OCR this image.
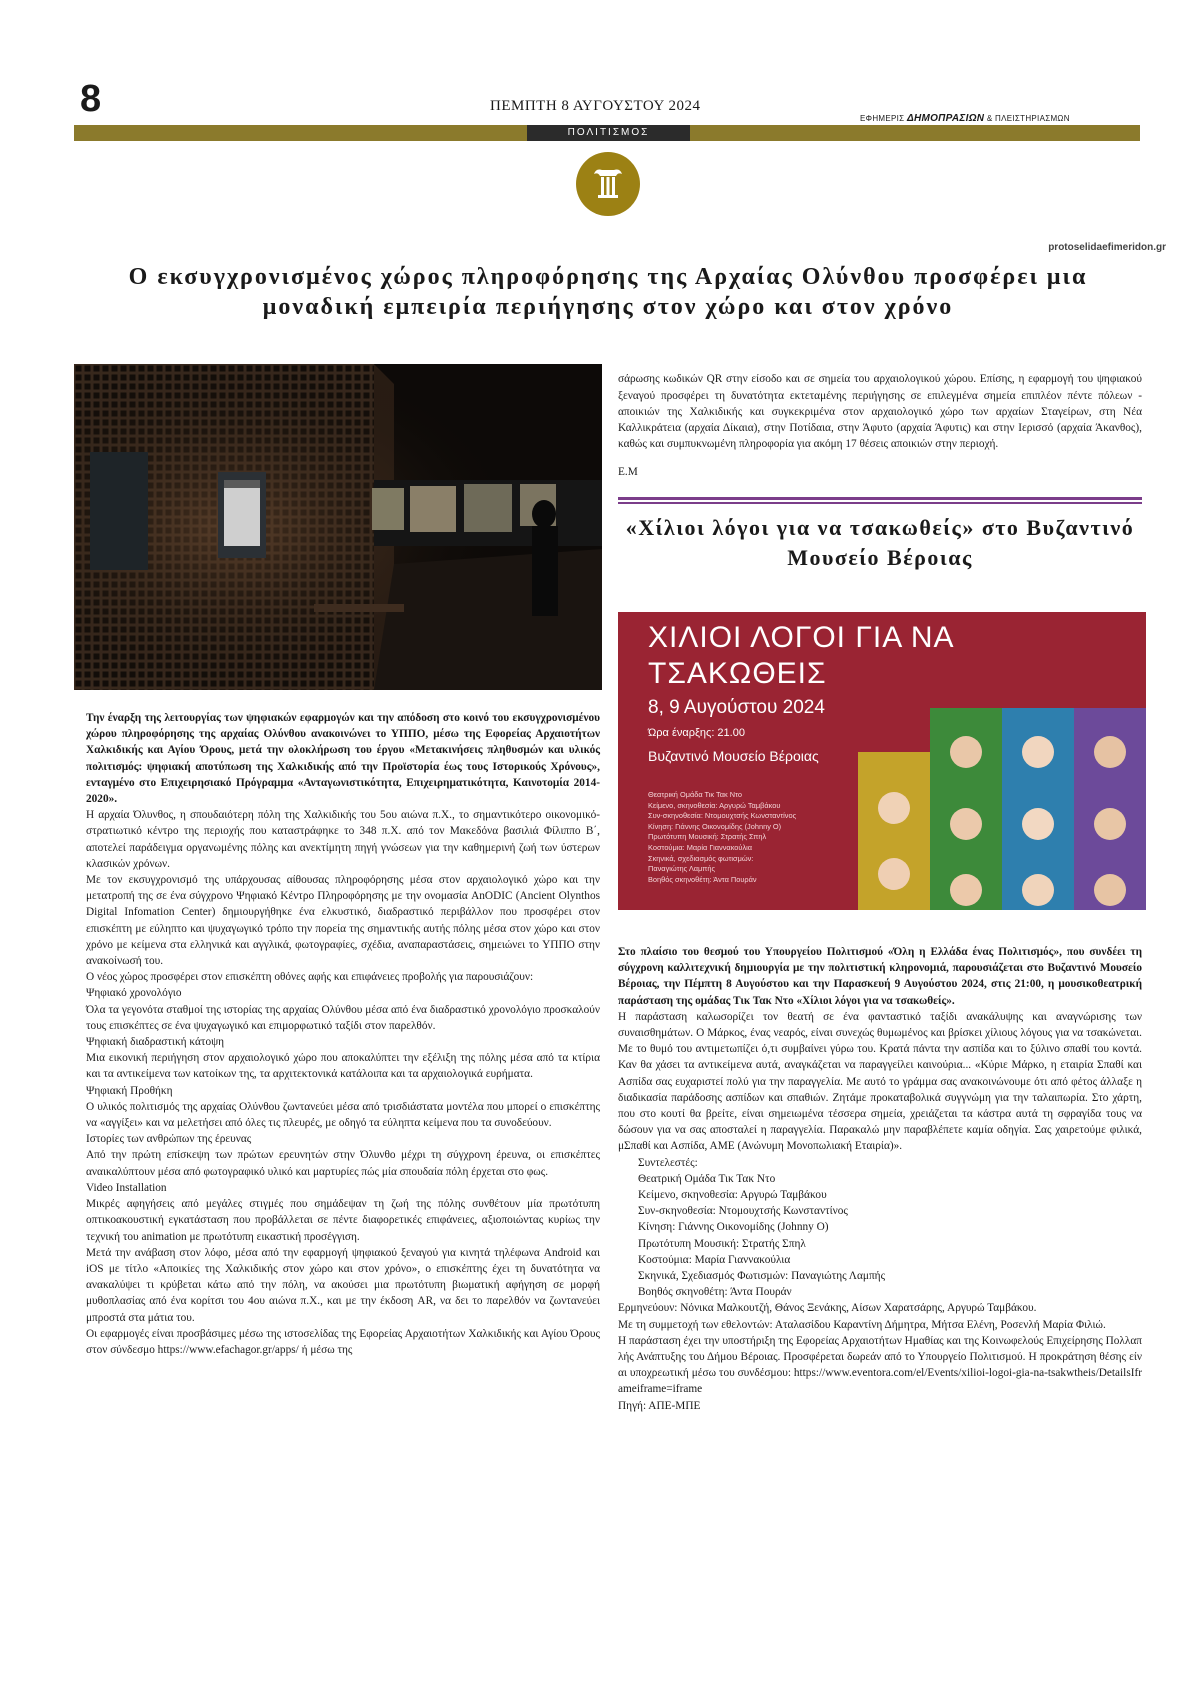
8	ΠΕΜΠΤΗ 8 ΑΥΓΟΥΣΤΟΥ 2024
ΕΦΗΜΕΡΙΣ ΔΗΜΟΠΡΑΣΙΩΝ & ΠΛΕΙΣΤΗΡΙΑΣΜΩΝ
ΠΟΛΙΤΙΣΜΟΣ
protoselidaefimeridon.gr
Ο εκσυγχρονισμένος χώρος πληροφόρησης της Αρχαίας Ολύνθου προσφέρει μια μοναδική εμπειρία περιήγησης στον χώρο και στον χρόνο

Την έναρξη της λειτουργίας των ψηφιακών εφαρμογών και την απόδοση στο κοινό του εκσυγχρονισμένου χώρου πληροφόρησης της αρχαίας Ολύνθου ανακοινώνει το ΥΠΠΟ, μέσω της Εφορείας Αρχαιοτήτων Χαλκιδικής και Αγίου Όρους, μετά την ολοκλήρωση του έργου «Μετακινήσεις πληθυσμών και υλικός πολιτισμός: ψηφιακή αποτύπωση της Χαλκιδικής από την Προϊστορία έως τους Ιστορικούς Χρόνους», ενταγμένο στο Επιχειρησιακό Πρόγραμμα «Ανταγωνιστικότητα, Επιχειρηματικότητα, Καινοτομία 2014-2020».

Η αρχαία Όλυνθος, η σπουδαιότερη πόλη της Χαλκιδικής του 5ου αιώνα π.Χ., το σημαντικότερο οικονομικό-στρατιωτικό κέντρο της περιοχής που καταστράφηκε το 348 π.Χ. από τον Μακεδόνα βασιλιά Φίλιππο Β΄, αποτελεί παράδειγμα οργανωμένης πόλης και ανεκτίμητη πηγή γνώσεων για την καθημερινή ζωή των ύστερων κλασικών χρόνων.

Με τον εκσυγχρονισμό της υπάρχουσας αίθουσας πληροφόρησης μέσα στον αρχαιολογικό χώρο και την μετατροπή της σε ένα σύγχρονο Ψηφιακό Κέντρο Πληροφόρησης με την ονομασία AnODIC (Ancient Olynthos Digital Infomation Center) δημιουργήθηκε ένα ελκυστικό, διαδραστικό περιβάλλον που προσφέρει στον επισκέπτη με εύληπτο και ψυχαγωγικό τρόπο την πορεία της σημαντικής αυτής πόλης μέσα στον χώρο και στον χρόνο με κείμενα στα ελληνικά και αγγλικά, φωτογραφίες, σχέδια, αναπαραστάσεις, σημειώνει το ΥΠΠΟ στην ανακοίνωσή του.

Ο νέος χώρος προσφέρει στον επισκέπτη οθόνες αφής και επιφάνειες προβολής για παρουσιάζουν:

Ψηφιακό χρονολόγιο

Όλα τα γεγονότα σταθμοί της ιστορίας της αρχαίας Ολύνθου μέσα από ένα διαδραστικό χρονολόγιο προσκαλούν τους επισκέπτες σε ένα ψυχαγωγικό και επιμορφωτικό ταξίδι στον παρελθόν.

Ψηφιακή διαδραστική κάτοψη

Μια εικονική περιήγηση στον αρχαιολογικό χώρο που αποκαλύπτει την εξέλιξη της πόλης μέσα από τα κτίρια και τα αντικείμενα των κατοίκων της, τα αρχιτεκτονικά κατάλοιπα και τα αρχαιολογικά ευρήματα.

Ψηφιακή Προθήκη

Ο υλικός πολιτισμός της αρχαίας Ολύνθου ζωντανεύει μέσα από τρισδιάστατα μοντέλα που μπορεί ο επισκέπτης να «αγγίξει» και να μελετήσει από όλες τις πλευρές, με οδηγό τα εύληπτα κείμενα που τα συνοδεύουν.

Ιστορίες των ανθρώπων της έρευνας

Από την πρώτη επίσκεψη των πρώτων ερευνητών στην Όλυνθο μέχρι τη σύγχρονη έρευνα, οι επισκέπτες αναικαλύπτουν μέσα από φωτογραφικό υλικό και μαρτυρίες πώς μία σπουδαία πόλη έρχεται στο φως.

Video Installation

Μικρές αφηγήσεις από μεγάλες στιγμές που σημάδεψαν τη ζωή της πόλης συνθέτουν μία πρωτότυπη οπτικοακουστική εγκατάσταση που προβάλλεται σε πέντε διαφορετικές επιφάνειες, αξιοποιώντας κυρίως την τεχνική του animation με πρωτότυπη εικαστική προσέγγιση.

Μετά την ανάβαση στον λόφο, μέσα από την εφαρμογή ψηφιακού ξεναγού για κινητά τηλέφωνα Android και iOS με τίτλο «Αποικίες της Χαλκιδικής στον χώρο και στον χρόνο», ο επισκέπτης έχει τη δυνατότητα να ανακαλύψει τι κρύβεται κάτω από την πόλη, να ακούσει μια πρωτότυπη βιωματική αφήγηση σε μορφή μυθοπλασίας από ένα κορίτσι του 4ου αιώνα π.Χ., και με την έκδοση AR, να δει το παρελθόν να ζωντανεύει μπροστά στα μάτια του.

Οι εφαρμογές είναι προσβάσιμες μέσω της ιστοσελίδας της Εφορείας Αρχαιοτήτων Χαλκιδικής και Αγίου Όρους στον σύνδεσμο https://www.efachagor.gr/apps/ ή μέσω της

σάρωσης κωδικών QR στην είσοδο και σε σημεία του αρχαιολογικού χώρου. Επίσης, η εφαρμογή του ψηφιακού ξεναγού προσφέρει τη δυνατότητα εκτεταμένης περιήγησης σε επιλεγμένα σημεία επιπλέον πέντε πόλεων - αποικιών της Χαλκιδικής και συγκεκριμένα στον αρχαιολογικό χώρο των αρχαίων Σταγείρων, στη Νέα Καλλικράτεια (αρχαία Δίκαια), στην Ποτίδαια, στην Άφυτο (αρχαία Άφυτις) και στην Ιερισσό (αρχαία Άκανθος), καθώς και συμπυκνωμένη πληροφορία για ακόμη 17 θέσεις αποικιών στην περιοχή.

Ε.Μ

«Χίλιοι λόγοι για να τσακωθείς» στο Βυζαντινό Μουσείο Βέροιας
ΧΙΛΙΟΙ ΛΟΓΟΙ ΓΙΑ ΝΑ ΤΣΑΚΩΘΕΙΣ
8, 9 Αυγούστου 2024
Ώρα έναρξης: 21.00
Βυζαντινό Μουσείο Βέροιας
Θεατρική Ομάδα Τικ Τακ Ντο
Κείμενο, σκηνοθεσία: Αργυρώ Ταμβάκου
Συν-σκηνοθεσία: Ντομουχτσής Κωνσταντίνος
Κίνηση: Γιάννης Οικονομίδης (Johnny O)
Πρωτότυπη Μουσική: Στρατής Σπηλ
Κοστούμια: Μαρία Γιαννακούλια
Σκηνικά, σχεδιασμός φωτισμών:
Παναγιώτης Λαμπής
Βοηθός σκηνοθέτη: Άντα Πουράν

Στο πλαίσιο του θεσμού του Υπουργείου Πολιτισμού «Όλη η Ελλάδα ένας Πολιτισμός», που συνδέει τη σύγχρονη καλλιτεχνική δημιουργία με την πολιτιστική κληρονομιά, παρουσιάζεται στο Βυζαντινό Μουσείο Βέροιας, την Πέμπτη 8 Αυγούστου και την Παρασκευή 9 Αυγούστου 2024, στις 21:00, η μουσικοθεατρική παράσταση της ομάδας Τικ Τακ Ντο «Χίλιοι λόγοι για να τσακωθείς».

Η παράσταση καλωσορίζει τον θεατή σε ένα φανταστικό ταξίδι ανακάλυψης και αναγνώρισης των συναισθημάτων. Ο Μάρκος, ένας νεαρός, είναι συνεχώς θυμωμένος και βρίσκει χίλιους λόγους για να τσακώνεται. Με το θυμό του αντιμετωπίζει ό,τι συμβαίνει γύρω του. Κρατά πάντα την ασπίδα και το ξύλινο σπαθί του κοντά. Καν θα χάσει τα αντικείμενα αυτά, αναγκάζεται να παραγγείλει καινούρια... «Κύριε Μάρκο, η εταιρία Σπαθί και Ασπίδα σας ευχαριστεί πολύ για την παραγγελία. Με αυτό το γράμμα σας ανακοινώνουμε ότι από φέτος άλλαξε η διαδικασία παράδοσης ασπίδων και σπαθιών. Ζητάμε προκαταβολικά συγγνώμη για την ταλαιπωρία. Στο χάρτη, που στο κουτί θα βρείτε, είναι σημειωμένα τέσσερα σημεία, χρειάζεται τα κάστρα αυτά τη σφραγίδα τους να δώσουν για να σας αποσταλεί η παραγγελία. Παρακαλώ μην παραβλέπετε καμία οδηγία. Σας χαιρετούμε φιλικά, μΣπαθί και Ασπίδα, ΑΜΕ (Ανώνυμη Μονοπωλιακή Εταιρία)».

Συντελεστές:

Θεατρική Ομάδα Τικ Τακ Ντο

Κείμενο, σκηνοθεσία: Αργυρώ Ταμβάκου

Συν-σκηνοθεσία: Ντομουχτσής Κωνσταντίνος

Κίνηση: Γιάννης Οικονομίδης (Johnny O)

Πρωτότυπη Μουσική: Στρατής Σπηλ

Κοστούμια: Μαρία Γιαννακούλια

Σκηνικά, Σχεδιασμός Φωτισμών: Παναγιώτης Λαμπής

Βοηθός σκηνοθέτη: Άντα Πουράν

Ερμηνεύουν: Νόνικα Μαλκουτζή, Θάνος Ξενάκης, Αίσων Χαρατσάρης, Αργυρώ Ταμβάκου.

Με τη συμμετοχή των εθελοντών: Αταλασίδου Καραντίνη Δήμητρα, Μήτσα Ελένη, Ροσενλή Μαρία Φιλιώ.

Η παράσταση έχει την υποστήριξη της Εφορείας Αρχαιοτήτων Ημαθίας και της Κοινωφελούς Επιχείρησης Πολλαπλής Ανάπτυξης του Δήμου Βέροιας. Προσφέρεται δωρεάν από το Υπουργείο Πολιτισμού. Η προκράτηση θέσης είναι υποχρεωτική μέσω του συνδέσμου: https://www.eventora.com/el/Events/xilioi-logoi-gia-na-tsakwtheis/DetailsIframeiframe=iframe

Πηγή: ΑΠΕ-ΜΠΕ
